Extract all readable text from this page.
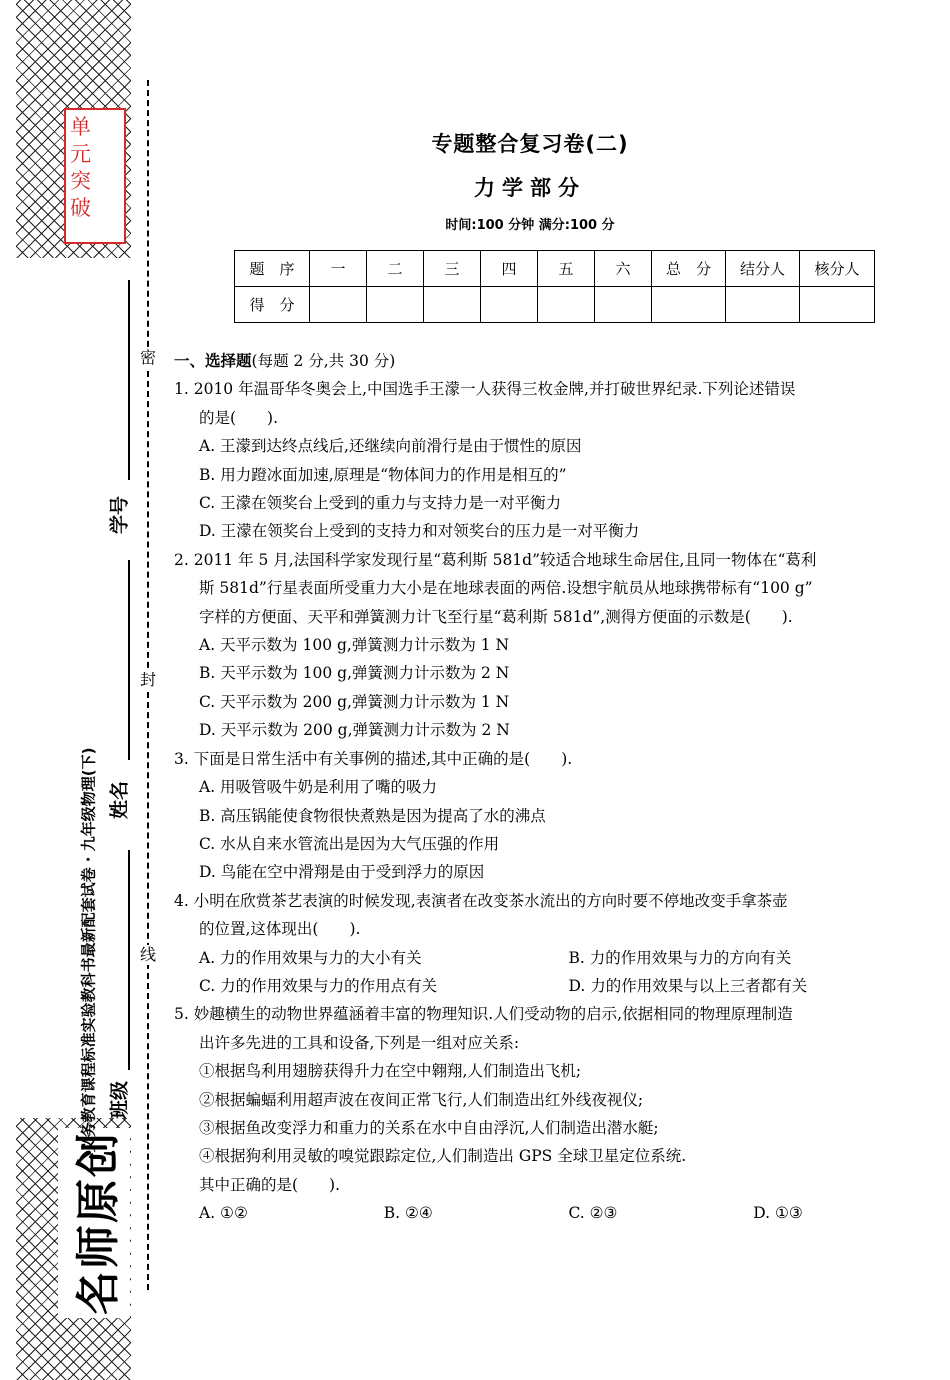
单元突破
名师原创
义务教育课程标准实验教科书最新配套试卷 · 九年级物理(下)
学号
姓名
班级
密
封
线
专题整合复习卷(二)
力学部分
时间:100 分钟 满分:100 分
题　序	一	二	三	四	五	六	总　分	结分人	核分人
得　分									
一、选择题(每题 2 分,共 30 分)
1. 2010 年温哥华冬奥会上,中国选手王濛一人获得三枚金牌,并打破世界纪录.下列论述错误
的是(　　).
A. 王濛到达终点线后,还继续向前滑行是由于惯性的原因
B. 用力蹬冰面加速,原理是“物体间力的作用是相互的”
C. 王濛在领奖台上受到的重力与支持力是一对平衡力
D. 王濛在领奖台上受到的支持力和对领奖台的压力是一对平衡力
2. 2011 年 5 月,法国科学家发现行星“葛利斯 581d”较适合地球生命居住,且同一物体在“葛利
斯 581d”行星表面所受重力大小是在地球表面的两倍.设想宇航员从地球携带标有“100 g”
字样的方便面、天平和弹簧测力计飞至行星“葛利斯 581d”,测得方便面的示数是(　　).
A. 天平示数为 100 g,弹簧测力计示数为 1 N
B. 天平示数为 100 g,弹簧测力计示数为 2 N
C. 天平示数为 200 g,弹簧测力计示数为 1 N
D. 天平示数为 200 g,弹簧测力计示数为 2 N
3. 下面是日常生活中有关事例的描述,其中正确的是(　　).
A. 用吸管吸牛奶是利用了嘴的吸力
B. 高压锅能使食物很快煮熟是因为提高了水的沸点
C. 水从自来水管流出是因为大气压强的作用
D. 鸟能在空中滑翔是由于受到浮力的原因
4. 小明在欣赏茶艺表演的时候发现,表演者在改变茶水流出的方向时要不停地改变手拿茶壶
的位置,这体现出(　　).
A. 力的作用效果与力的大小有关	B. 力的作用效果与力的方向有关
C. 力的作用效果与力的作用点有关	D. 力的作用效果与以上三者都有关
5. 妙趣横生的动物世界蕴涵着丰富的物理知识.人们受动物的启示,依据相同的物理原理制造
出许多先进的工具和设备,下列是一组对应关系:
①根据鸟利用翅膀获得升力在空中翱翔,人们制造出飞机;
②根据蝙蝠利用超声波在夜间正常飞行,人们制造出红外线夜视仪;
③根据鱼改变浮力和重力的关系在水中自由浮沉,人们制造出潜水艇;
④根据狗利用灵敏的嗅觉跟踪定位,人们制造出 GPS 全球卫星定位系统.
其中正确的是(　　).
A. ①②	B. ②④	C. ②③	D. ①③
